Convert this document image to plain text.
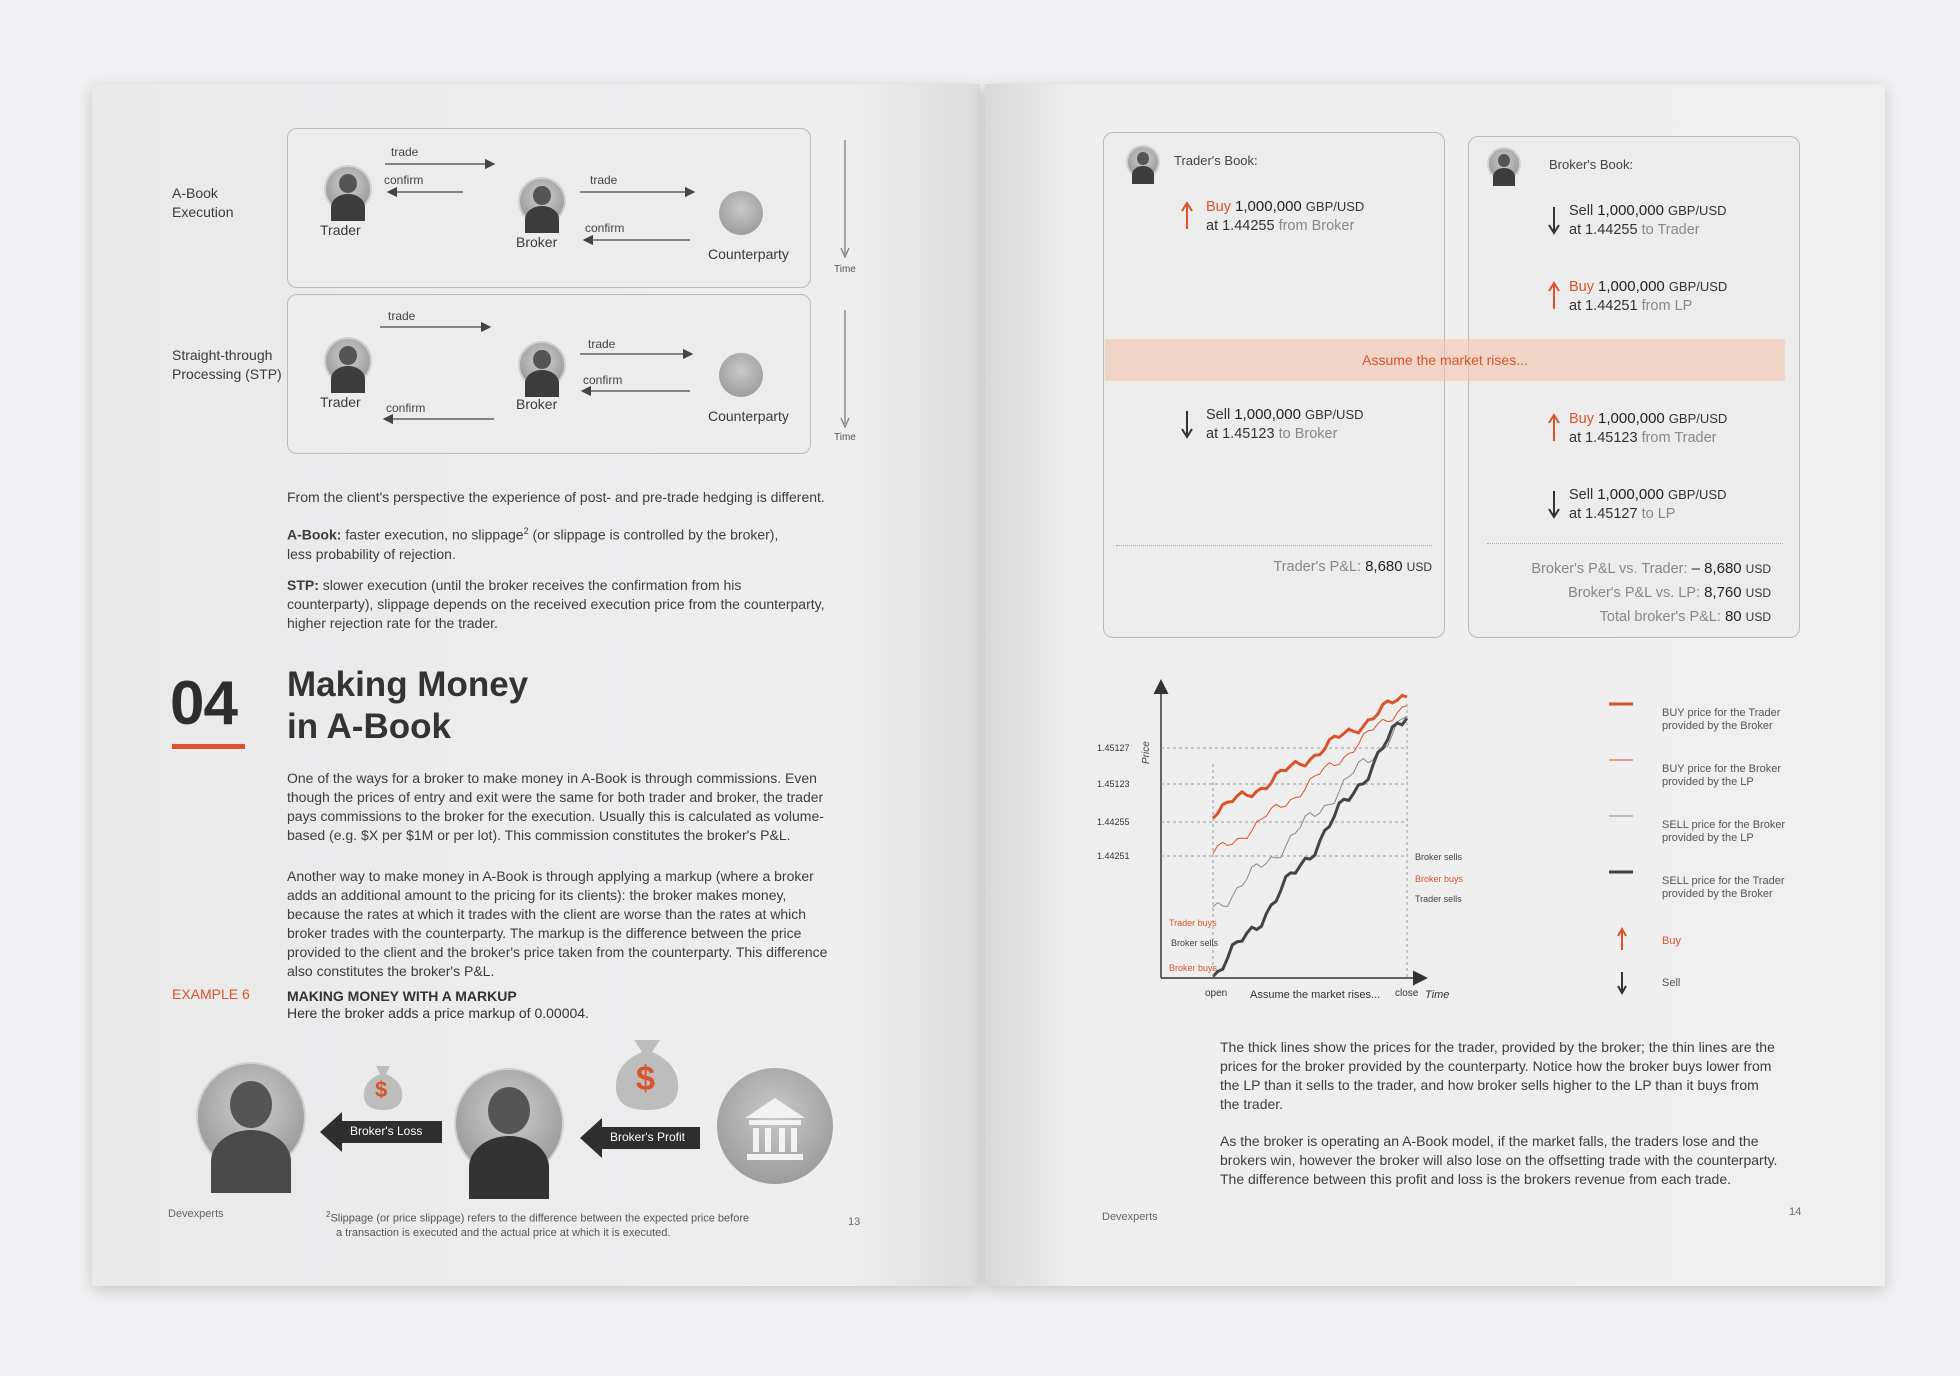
A-Book
Execution
Trader
Broker
Counterparty
trade
confirm	trade
confirm
Time
Straight-through
Processing (STP)
Trader	Broker
Counterparty
trade
trade
confirm
confirm
Time
From the client's perspective the experience of post- and pre-trade hedging is different.
A-Book: faster execution, no slippage$^2$ (or slippage is controlled by the broker), less probability of rejection.
STP: slower execution (until the broker receives the confirmation from his counterparty), slippage depends on the received execution price from the counterparty, higher rejection rate for the trader.
04 Making Money
in A-Book
One of the ways for a broker to make money in A-Book is through commissions. Even though the prices of entry and exit were the same for both trader and broker, the trader pays commissions to the broker for the execution. Usually this is calculated as volume-based (e.g. $X per $1M or per lot). This commission constitutes the broker's P&L.
Another way to make money in A-Book is through applying a markup (where a broker adds an additional amount to the pricing for its clients): the broker makes money, because the rates at which it trades with the client are worse than the rates at which broker trades with the counterparty. The markup is the difference between the price provided to the client and the broker's price taken from the counterparty. This difference also constitutes the broker's P&L.
EXAMPLE 6	MAKING MONEY WITH A MARKUP
Here the broker adds a price markup of 0.00004.
$	$
Broker's Loss	Broker's Profit
Devexperts	$^2$Slippage (or price slippage) refers to the difference between the expected price before
a transaction is executed and the actual price at which it is executed.
13
Trader's Book:
Buy 1,000,000 GBP/USD
at 1.44255 from Broker
Sell 1,000,000 GBP/USD
at 1.45123 to Broker
Trader's P&L: 8,680 USD
Broker's Book:
Sell 1,000,000 GBP/USD
at 1.44255 to Trader
Buy 1,000,000 GBP/USD
at 1.44251 from LP
Buy 1,000,000 GBP/USD
at 1.45123 from Trader
Sell 1,000,000 GBP/USD
at 1.45127 to LP
Broker's P&L vs. Trader: – 8,680 USD
Broker's P&L vs. LP: 8,760 USD
Total broker's P&L: 80 USD
Assume the market rises...
Price
1.45127
1.45123
1.44255
1.44251
open Assume the market rises... close Time
Trader buys
Broker sells
Broker buys
Broker sells
Broker buys
Trader sells
BUY price for the Trader
provided by the Broker
BUY price for the Broker
provided by the LP
SELL price for the Broker
provided by the LP
SELL price for the Trader
provided by the Broker
Buy
Sell
The thick lines show the prices for the trader, provided by the broker; the thin lines are the prices for the broker provided by the counterparty. Notice how the broker buys lower from the LP than it sells to the trader, and how broker sells higher to the LP than it buys from the trader.
As the broker is operating an A-Book model, if the market falls, the traders lose and the brokers win, however the broker will also lose on the offsetting trade with the counterparty. The difference between this profit and loss is the brokers revenue from each trade.
Devexperts	14
